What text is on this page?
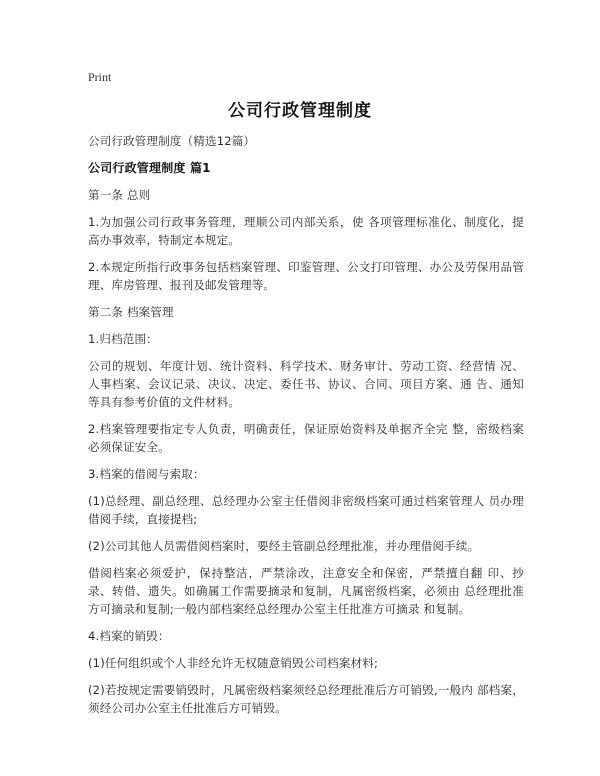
Print
公司行政管理制度

公司行政管理制度（精选12篇）

公司行政管理制度 篇1

第一条 总则

1.为加强公司行政事务管理，理顺公司内部关系，使 各项管理标准化、制度化，提高办事效率，特制定本规定。

2.本规定所指行政事务包括档案管理、印鉴管理、公文打印管理、办公及劳保用品管理、库房管理、报刊及邮发管理等。

第二条 档案管理

1.归档范围：

公司的规划、年度计划、统计资料、科学技术、财务审计、劳动工资、经营情 况、人事档案、会议记录、决议、决定、委任书、协议、合同、项目方案、通 告、通知等具有参考价值的文件材料。

2.档案管理要指定专人负责，明确责任，保证原始资料及单据齐全完 整，密级档案必须保证安全。

3.档案的借阅与索取：

(1)总经理、副总经理、总经理办公室主任借阅非密级档案可通过档案管理人 员办理借阅手续，直接提档;

(2)公司其他人员需借阅档案时，要经主管副总经理批准，并办理借阅手续。

借阅档案必须爱护，保持整洁，严禁涂改，注意安全和保密，严禁擅自翻 印、抄录、转借、遗失。如确属工作需要摘录和复制，凡属密级档案，必须由 总经理批准方可摘录和复制;一般内部档案经总经理办公室主任批准方可摘录 和复制。

4.档案的销毁：

(1)任何组织或个人非经允许无权随意销毁公司档案材料;

(2)若按规定需要销毁时，凡属密级档案须经总经理批准后方可销毁,一般内 部档案，须经公司办公室主任批准后方可销毁。
